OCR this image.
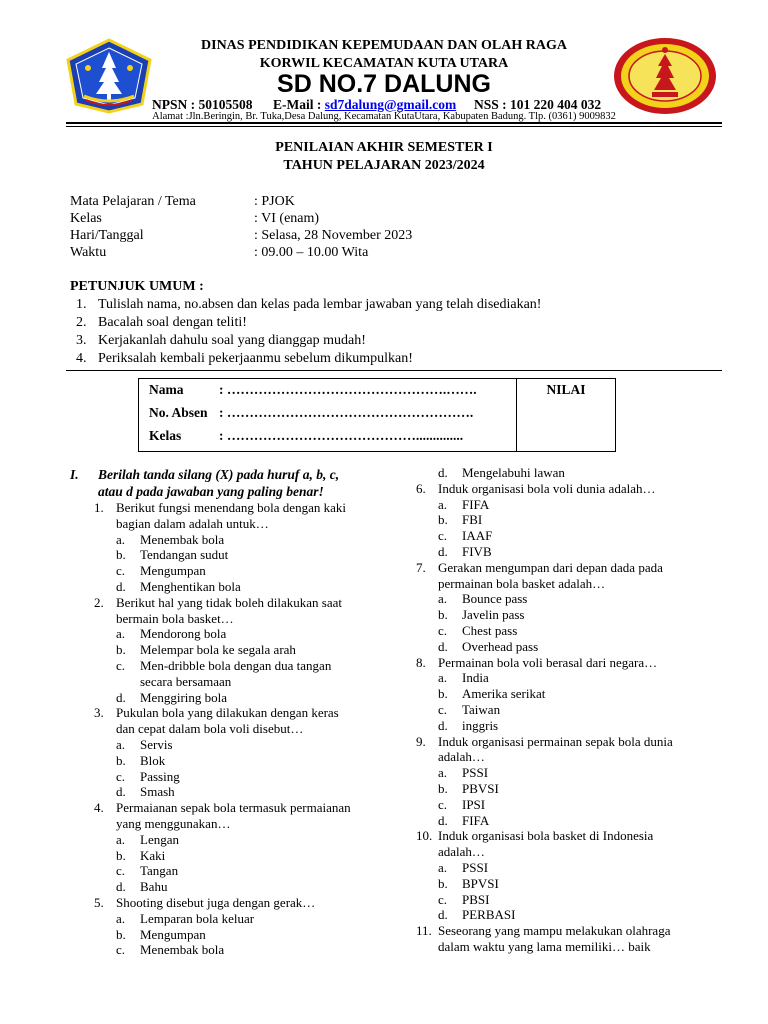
DINAS PENDIDIKAN KEPEMUDAAN DAN OLAH RAGA
KORWIL KECAMATAN KUTA UTARA
SD NO.7 DALUNG
NPSN : 50105508 E-Mail : sd7dalung@gmail.com NSS : 101 220 404 032
Alamat :Jln.Beringin, Br. Tuka,Desa Dalung, Kecamatan KutaUtara, Kabupaten Badung. Tlp. (0361) 9009832
PENILAIAN AKHIR SEMESTER I
TAHUN PELAJARAN 2023/2024
Mata Pelajaran / Tema	: PJOK
Kelas	: VI (enam)
Hari/Tanggal	: Selasa, 28 November 2023
Waktu	: 09.00 – 10.00 Wita
PETUNJUK UMUM :
1. Tulislah nama, no.absen dan kelas pada lembar jawaban yang telah disediakan!
2. Bacalah soal dengan teliti!
3. Kerjakanlah dahulu soal yang dianggap mudah!
4. Periksalah kembali pekerjaanmu sebelum dikumpulkan!
Nama	: ………………………………………….…….
No. Absen : ……………………………………………….
Kelas	: ……………………………………..............
NILAI
I. Berilah tanda silang (X) pada huruf a, b, c,
atau d pada jawaban yang paling benar!
1. Berikut fungsi menendang bola dengan kaki
bagian dalam adalah untuk…
a. Menembak bola
b. Tendangan sudut
c. Mengumpan
d. Menghentikan bola
2. Berikut hal yang tidak boleh dilakukan saat
bermain bola basket…
a. Mendorong bola
b. Melempar bola ke segala arah
c. Men-dribble bola dengan dua tangan
secara bersamaan
d. Menggiring bola
3. Pukulan bola yang dilakukan dengan keras
dan cepat dalam bola voli disebut…
a. Servis
b. Blok
c. Passing
d. Smash
4. Permaianan sepak bola termasuk permaianan
yang menggunakan…
a. Lengan
b. Kaki
c. Tangan
d. Bahu
5. Shooting disebut juga dengan gerak…
a. Lemparan bola keluar
b. Mengumpan
c. Menembak bola
d. Mengelabuhi lawan
6. Induk organisasi bola voli dunia adalah…
a. FIFA
b. FBI
c. IAAF
d. FIVB
7. Gerakan mengumpan dari depan dada pada
permainan bola basket adalah…
a. Bounce pass
b. Javelin pass
c. Chest pass
d. Overhead pass
8. Permainan bola voli berasal dari negara…
a. India
b. Amerika serikat
c. Taiwan
d. inggris
9. Induk organisasi permainan sepak bola dunia
adalah…
a. PSSI
b. PBVSI
c. IPSI
d. FIFA
10. Induk organisasi bola basket di Indonesia
adalah…
a. PSSI
b. BPVSI
c. PBSI
d. PERBASI
11. Seseorang yang mampu melakukan olahraga
dalam waktu yang lama memiliki… baik
